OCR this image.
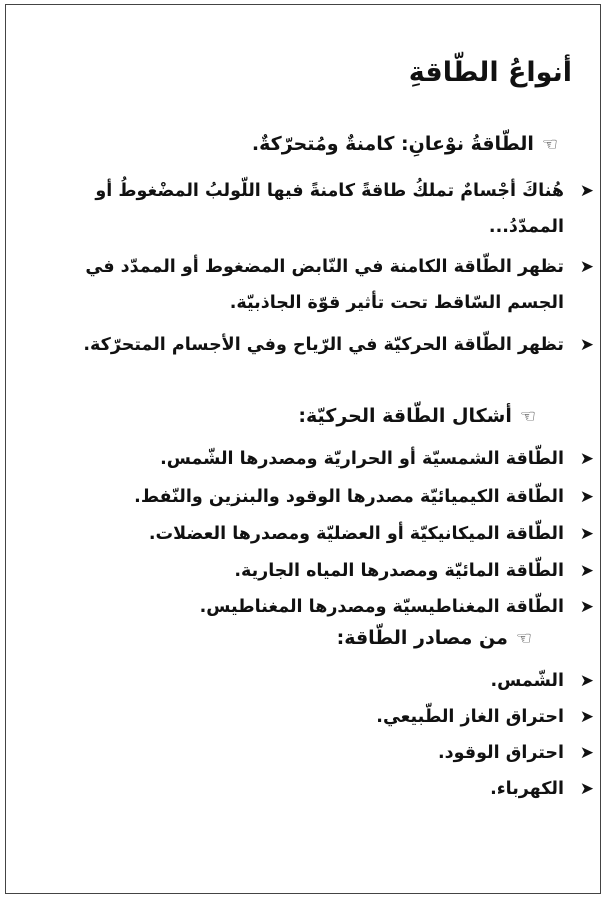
أنواعُ الطّاقةِ
☜الطّاقةُ نوْعانِ: كامنةٌ ومُتحرّكةٌ.
➤
هُناكَ أجْسامٌ تملكُ طاقةً كامنةً فيها اللّولبُ المضْغوطُ أو الممدّدُ...
➤
تظهر الطّاقة الكامنة في النّابض المضغوط أو الممدّد في الجسم السّاقط تحت تأثير قوّة الجاذبيّة.
➤
تظهر الطّاقة الحركيّة في الرّياح وفي الأجسام المتحرّكة.
☜أشكال الطّاقة الحركيّة:
➤
الطّاقة الشمسيّة أو الحراريّة ومصدرها الشّمس.
➤
الطّاقة الكيميائيّة مصدرها الوقود والبنزين والنّفط.
➤
الطّاقة الميكانيكيّة أو العضليّة ومصدرها العضلات.
➤
الطّاقة المائيّة ومصدرها المياه الجارية.
➤
الطّاقة المغناطيسيّة ومصدرها المغناطيس.
☜من مصادر الطّاقة:
➤
الشّمس.
➤
احتراق الغاز الطّبيعي.
➤
احتراق الوقود.
➤
الكهرباء.
